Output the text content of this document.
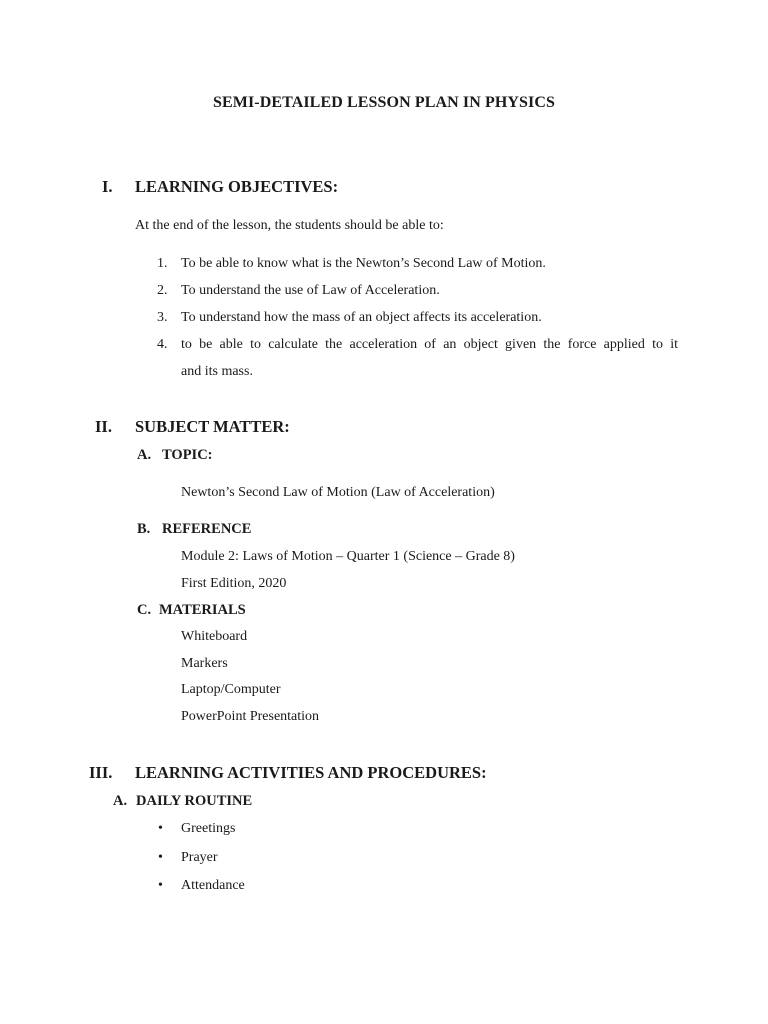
SEMI-DETAILED LESSON PLAN IN PHYSICS
I. LEARNING OBJECTIVES:
At the end of the lesson, the students should be able to:
1. To be able to know what is the Newton’s Second Law of Motion.
2. To understand the use of Law of Acceleration.
3. To understand how the mass of an object affects its acceleration.
4. to be able to calculate the acceleration of an object given the force applied to it
and its mass.
II. SUBJECT MATTER:
A. TOPIC:
Newton’s Second Law of Motion (Law of Acceleration)
B. REFERENCE
Module 2: Laws of Motion – Quarter 1 (Science – Grade 8)
First Edition, 2020
C. MATERIALS
Whiteboard
Markers
Laptop/Computer
PowerPoint Presentation
III. LEARNING ACTIVITIES AND PROCEDURES:
A. DAILY ROUTINE
• Greetings
• Prayer
• Attendance
